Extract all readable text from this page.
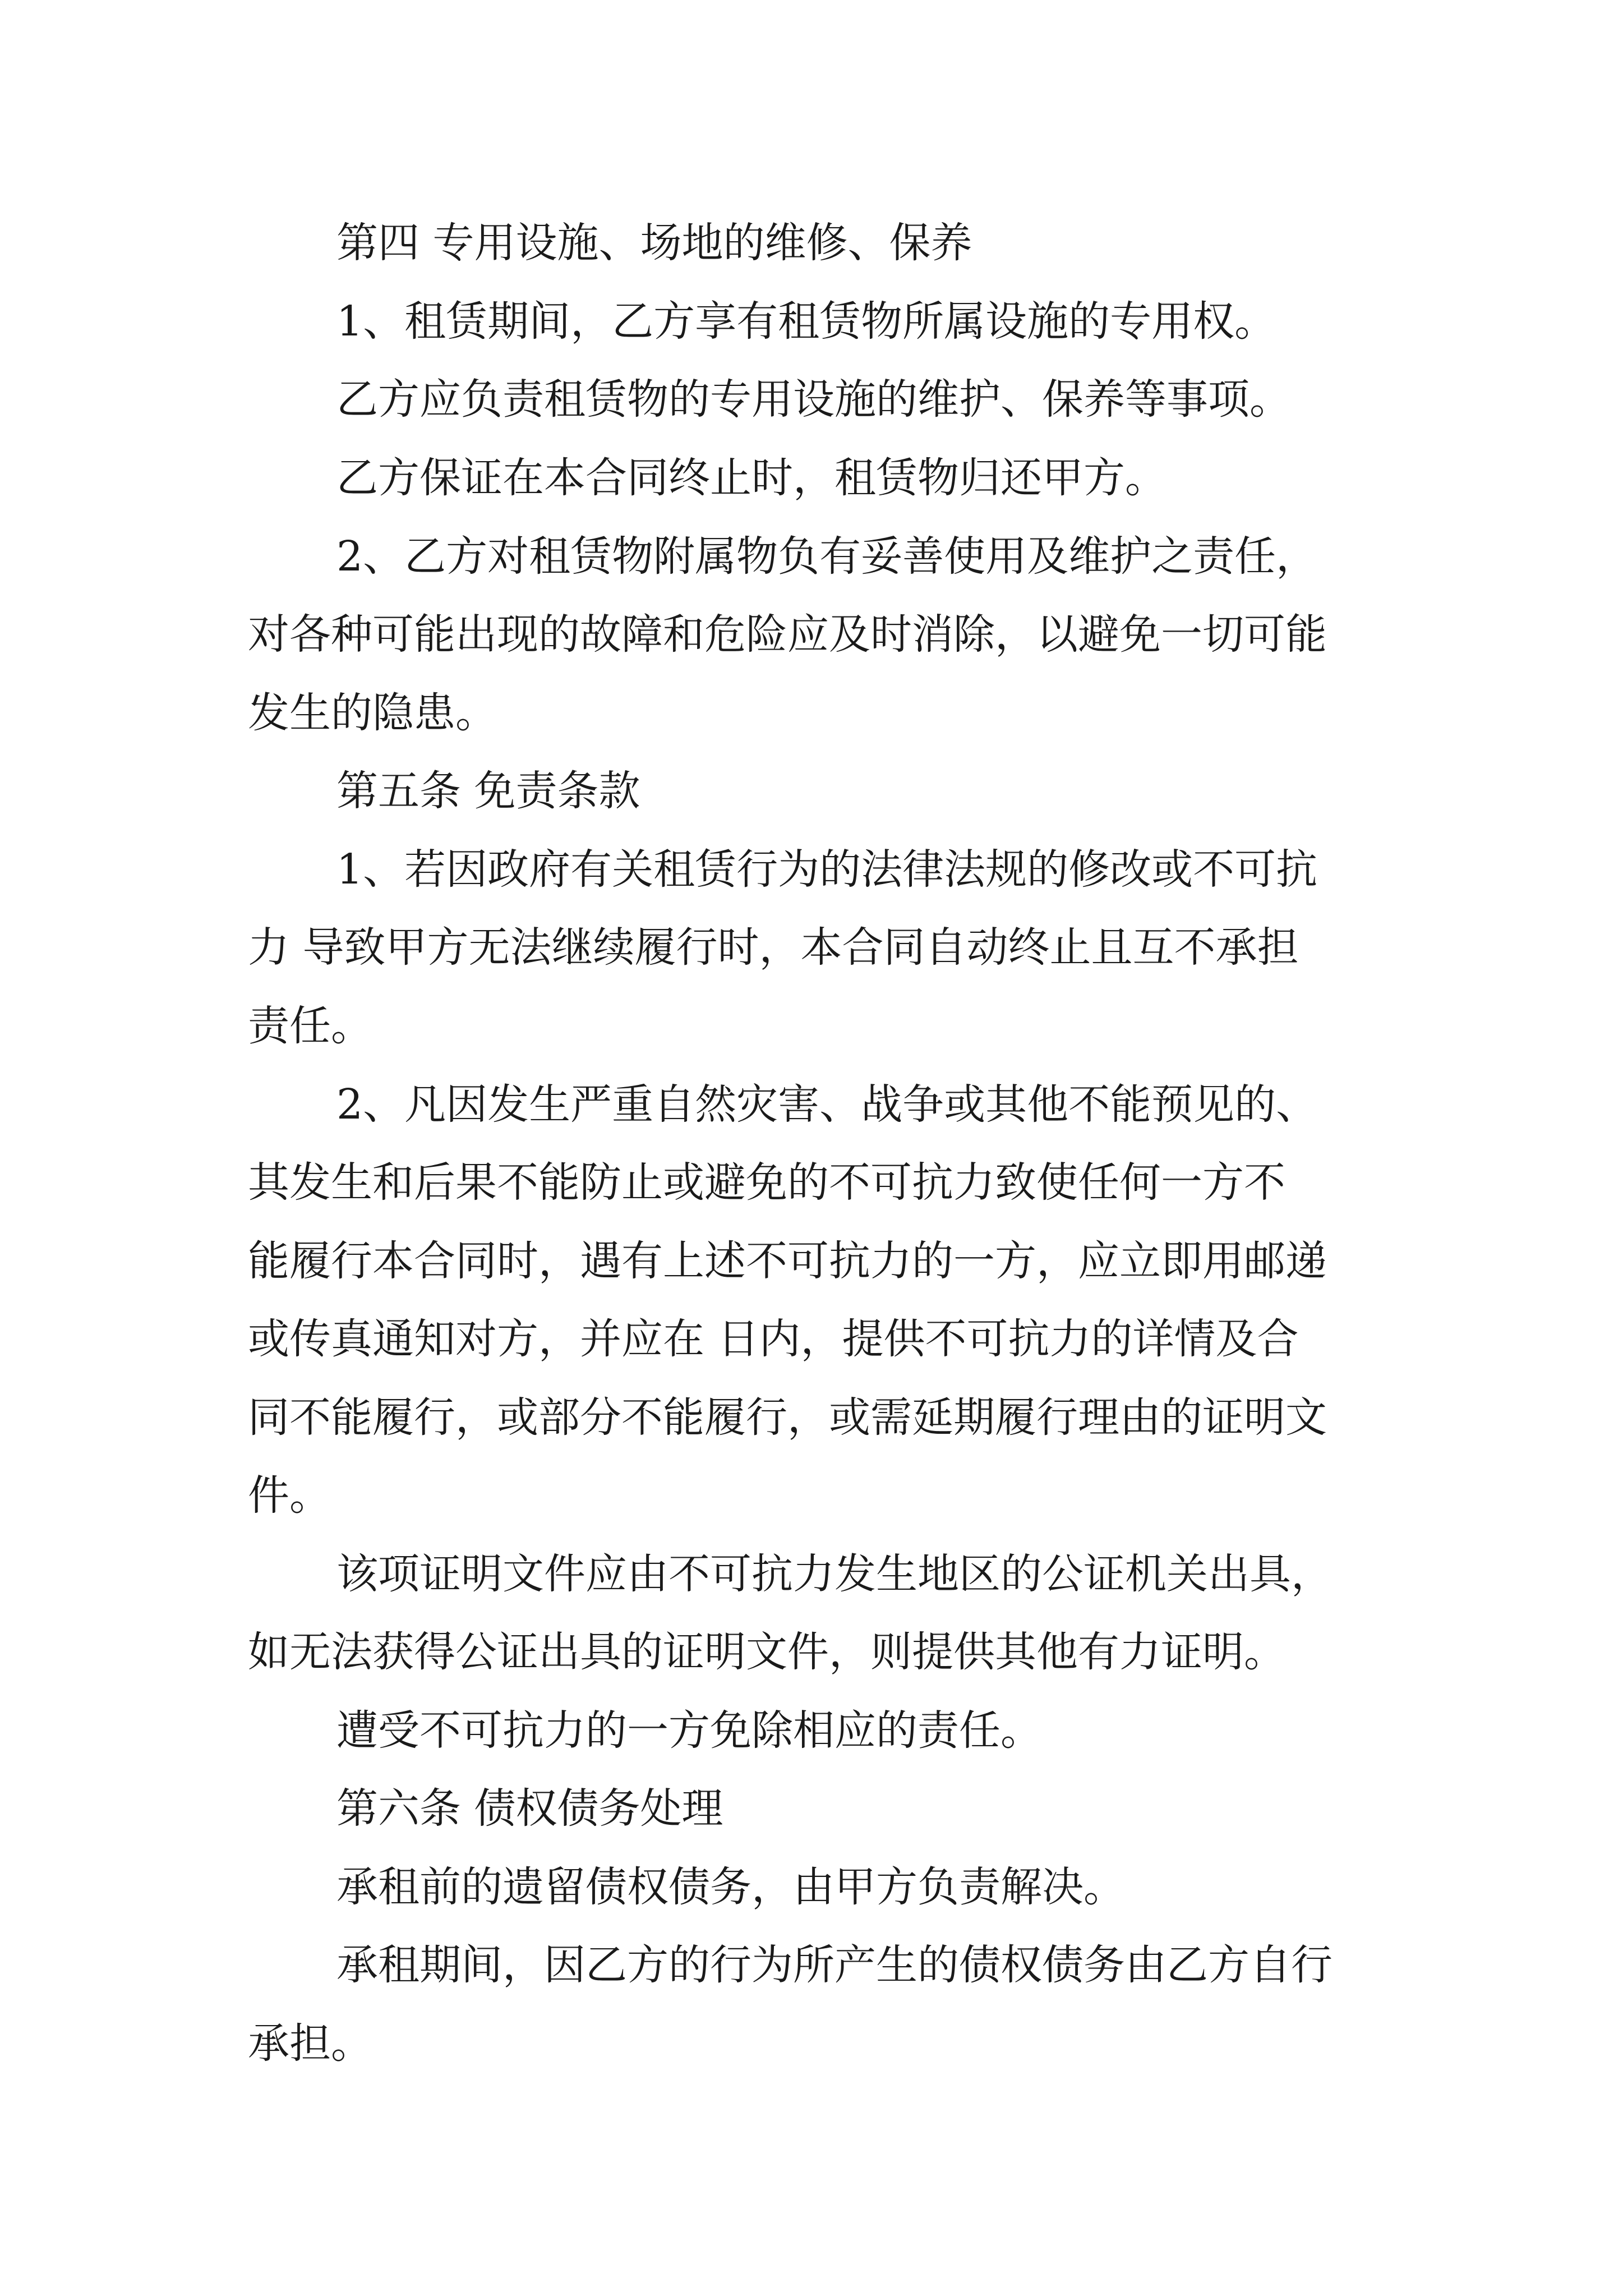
第四 专用设施、场地的维修、保养

1、租赁期间，乙方享有租赁物所属设施的专用权。

乙方应负责租赁物的专用设施的维护、保养等事项。

乙方保证在本合同终止时，租赁物归还甲方。

2、乙方对租赁物附属物负有妥善使用及维护之责任，

对各种可能出现的故障和危险应及时消除，以避免一切可能

发生的隐患。

第五条 免责条款

1、若因政府有关租赁行为的法律法规的修改或不可抗

力 导致甲方无法继续履行时，本合同自动终止且互不承担

责任。

2、凡因发生严重自然灾害、战争或其他不能预见的、

其发生和后果不能防止或避免的不可抗力致使任何一方不

能履行本合同时，遇有上述不可抗力的一方，应立即用邮递

或传真通知对方，并应在 日内，提供不可抗力的详情及合

同不能履行，或部分不能履行，或需延期履行理由的证明文

件。

该项证明文件应由不可抗力发生地区的公证机关出具，

如无法获得公证出具的证明文件，则提供其他有力证明。

遭受不可抗力的一方免除相应的责任。

第六条 债权债务处理

承租前的遗留债权债务，由甲方负责解决。

承租期间，因乙方的行为所产生的债权债务由乙方自行

承担。
